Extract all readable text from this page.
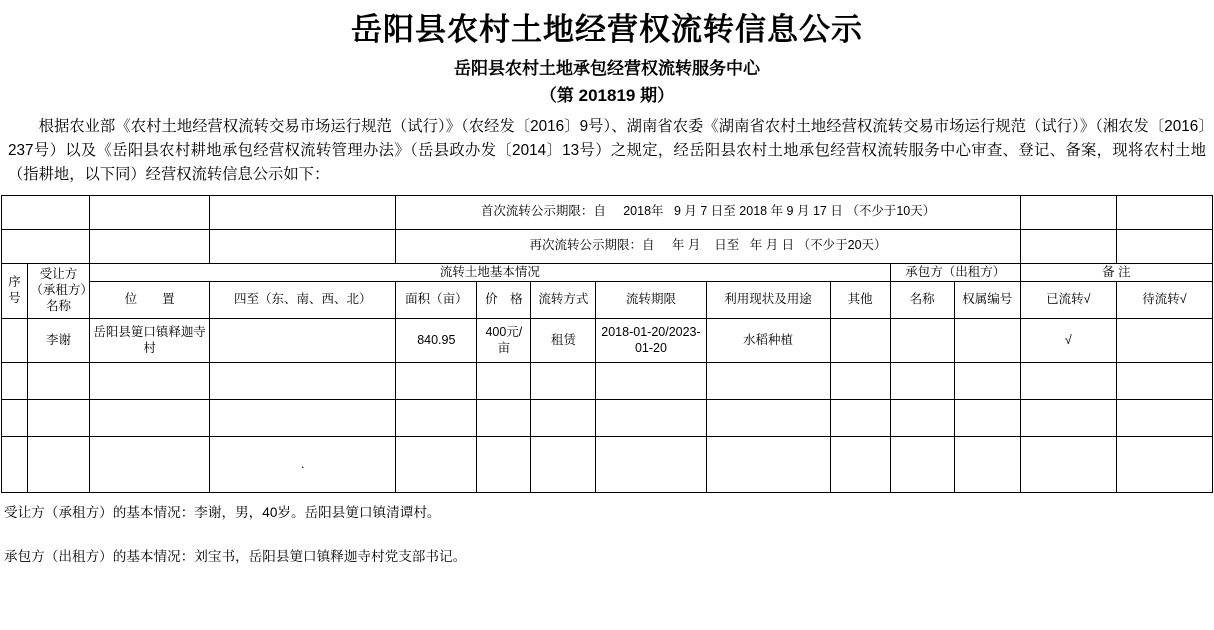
岳阳县农村土地经营权流转信息公示
岳阳县农村土地承包经营权流转服务中心
（第 201819 期）
根据农业部《农村土地经营权流转交易市场运行规范（试行）》（农经发〔2016〕9号）、湖南省农委《湖南省农村土地经营权流转交易市场运行规范（试行）》（湘农发〔2016〕237号）以及《岳阳县农村耕地承包经营权流转管理办法》（岳县政办发〔2014〕13号）之规定，经岳阳县农村土地承包经营权流转服务中心审查、登记、备案，现将农村土地（指耕地，以下同）经营权流转信息公示如下：
				首次流转公示期限：自 2018年 9 月 7 日至 2018 年 9 月 17 日 （不少于10天）									
				再次流转公示期限：自 年 月 日至 年 月 日 （不少于20天）									
序号	受让方（承租方）名称	流转土地基本情况								承包方（出租方）		备 注	
		位　　置	四至（东、南、西、北）	面积（亩）	价　格	流转方式	流转期限	利用现状及用途	其他	名称	权属编号	已流转√	待流转√
	李谢	岳阳县筻口镇释迦寺村		840.95	400元/亩	租赁	2018-01-20/2023-01-20	水稻种植				√	

			.										
受让方（承租方）的基本情况：李谢，男，40岁。岳阳县筻口镇清谭村。
承包方（出租方）的基本情况：刘宝书，岳阳县筻口镇释迦寺村党支部书记。
